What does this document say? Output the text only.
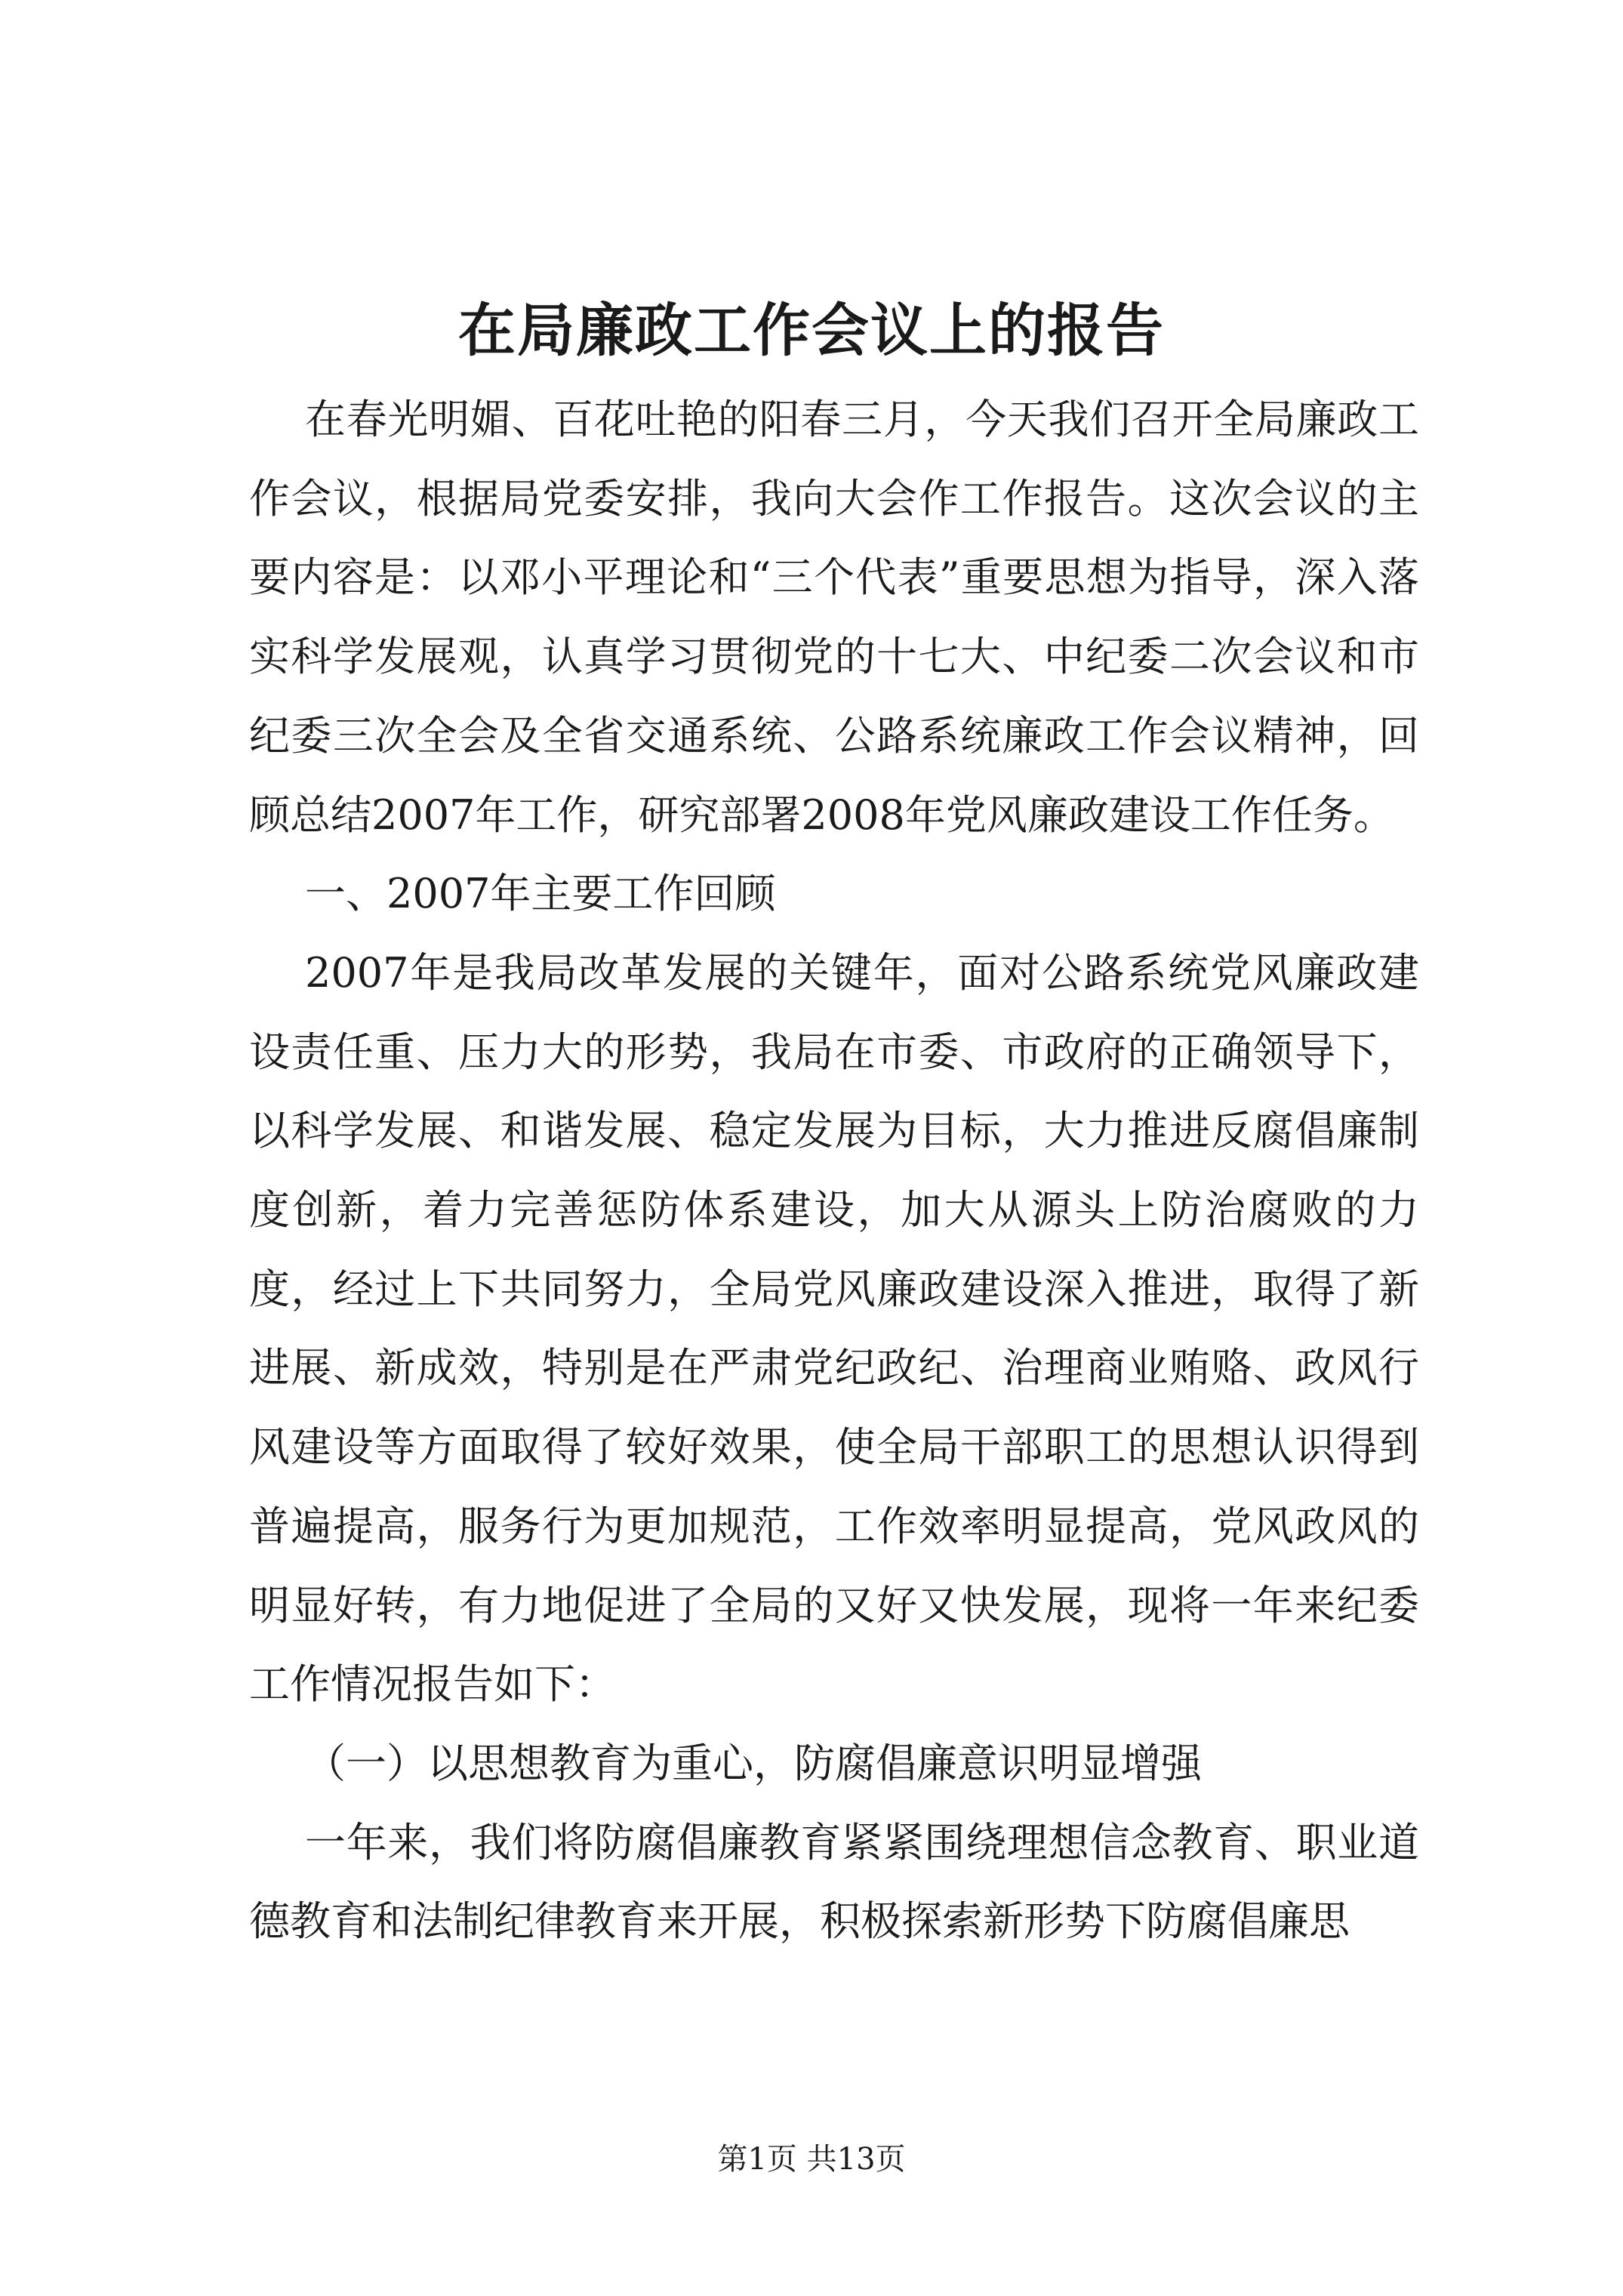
在局廉政工作会议上的报告

在春光明媚、百花吐艳的阳春三月，今天我们召开全局廉政工作会议，根据局党委安排，我向大会作工作报告。这次会议的主要内容是：以邓小平理论和“三个代表”重要思想为指导，深入落实科学发展观，认真学习贯彻党的十七大、中纪委二次会议和市纪委三次全会及全省交通系统、公路系统廉政工作会议精神，回顾总结2007年工作，研究部署2008年党风廉政建设工作任务。

一、2007年主要工作回顾

2007年是我局改革发展的关键年，面对公路系统党风廉政建设责任重、压力大的形势，我局在市委、市政府的正确领导下，以科学发展、和谐发展、稳定发展为目标，大力推进反腐倡廉制度创新，着力完善惩防体系建设，加大从源头上防治腐败的力度，经过上下共同努力，全局党风廉政建设深入推进，取得了新进展、新成效，特别是在严肃党纪政纪、治理商业贿赂、政风行风建设等方面取得了较好效果，使全局干部职工的思想认识得到普遍提高，服务行为更加规范，工作效率明显提高，党风政风的明显好转，有力地促进了全局的又好又快发展，现将一年来纪委工作情况报告如下：

（一）以思想教育为重心，防腐倡廉意识明显增强

一年来，我们将防腐倡廉教育紧紧围绕理想信念教育、职业道德教育和法制纪律教育来开展，积极探索新形势下防腐倡廉思

第1页 共13页
